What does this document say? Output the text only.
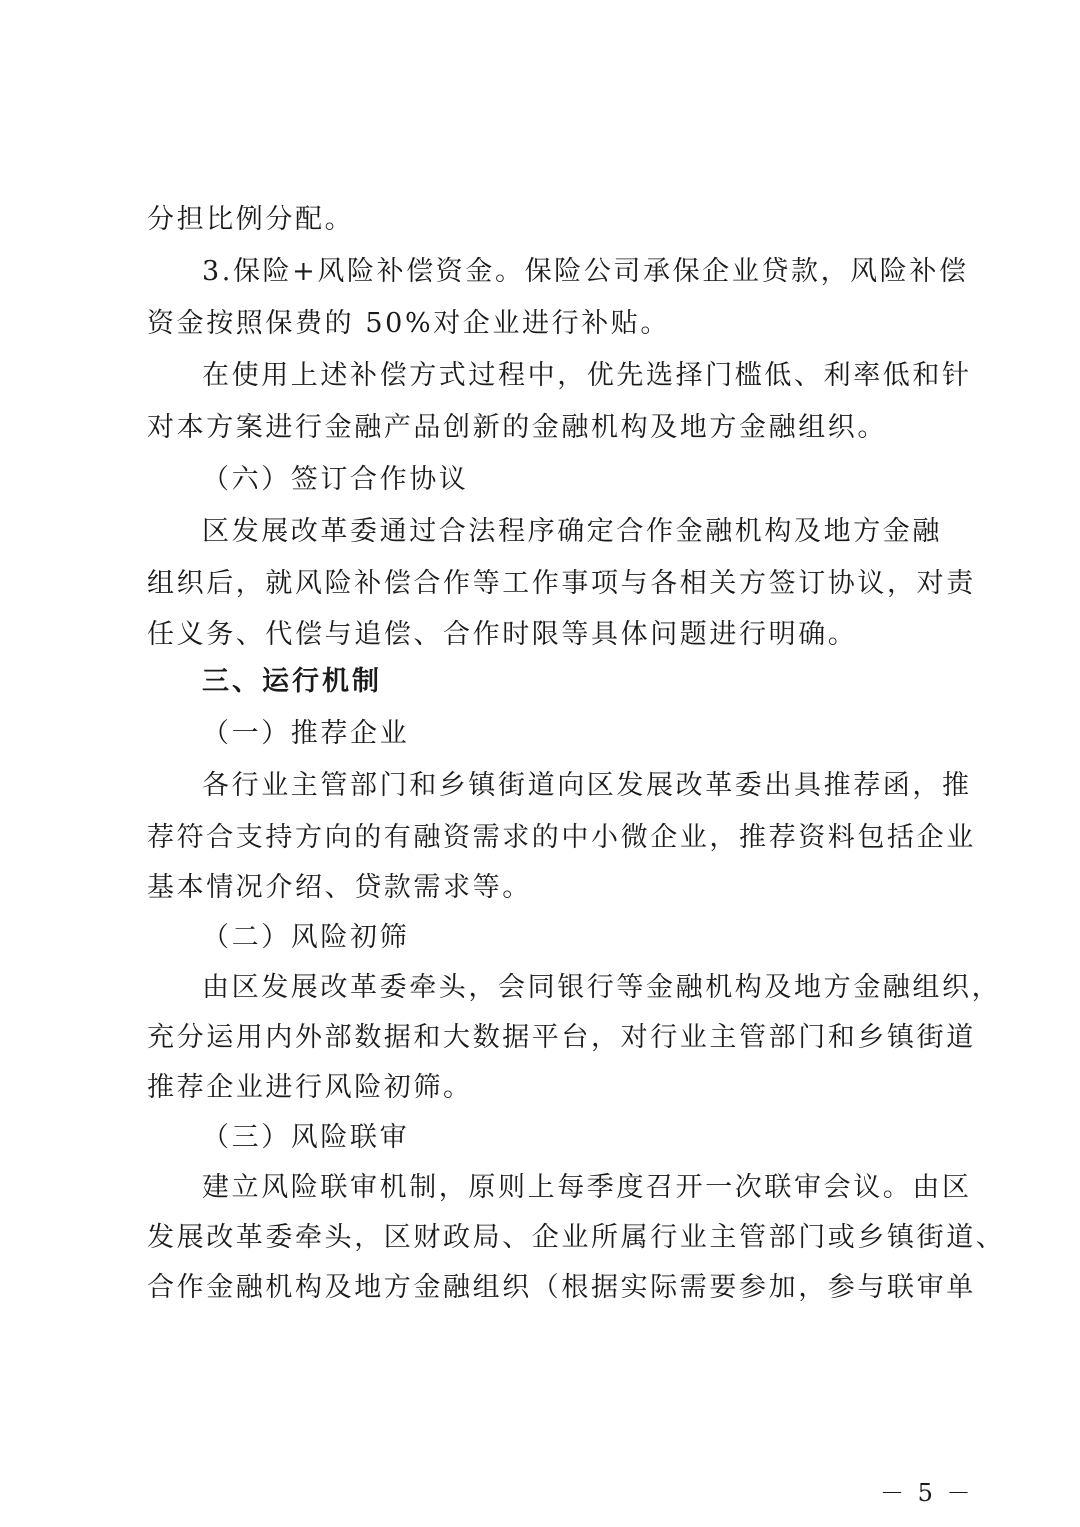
分担比例分配。
3.保险+风险补偿资金。保险公司承保企业贷款，风险补偿
资金按照保费的 50%对企业进行补贴。
在使用上述补偿方式过程中，优先选择门槛低、利率低和针
对本方案进行金融产品创新的金融机构及地方金融组织。
（六）签订合作协议
区发展改革委通过合法程序确定合作金融机构及地方金融
组织后，就风险补偿合作等工作事项与各相关方签订协议，对责
任义务、代偿与追偿、合作时限等具体问题进行明确。
三、运行机制
（一）推荐企业
各行业主管部门和乡镇街道向区发展改革委出具推荐函，推
荐符合支持方向的有融资需求的中小微企业，推荐资料包括企业
基本情况介绍、贷款需求等。
（二）风险初筛
由区发展改革委牵头，会同银行等金融机构及地方金融组织，
充分运用内外部数据和大数据平台，对行业主管部门和乡镇街道
推荐企业进行风险初筛。
（三）风险联审
建立风险联审机制，原则上每季度召开一次联审会议。由区
发展改革委牵头，区财政局、企业所属行业主管部门或乡镇街道、
合作金融机构及地方金融组织（根据实际需要参加，参与联审单
－ 5 －
